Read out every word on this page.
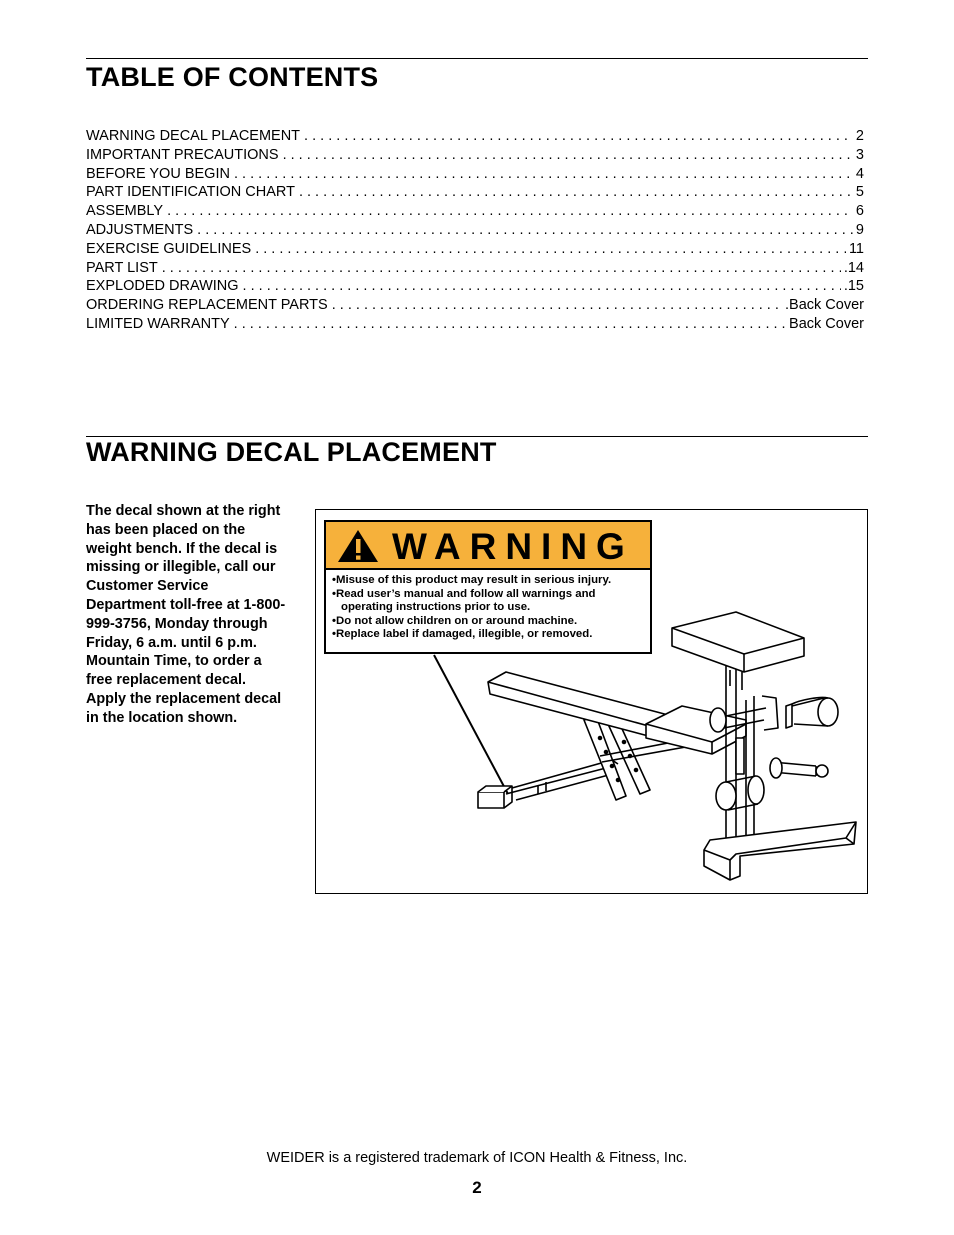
TABLE OF CONTENTS
WARNING DECAL PLACEMENT . . .	2
IMPORTANT PRECAUTIONS . . .	3
BEFORE YOU BEGIN . . .	4
PART IDENTIFICATION CHART . . .	5
ASSEMBLY . . .	6
ADJUSTMENTS . . .	9
EXERCISE GUIDELINES . . .	11
PART LIST . . .	.14
EXPLODED DRAWING . . .	.15
ORDERING REPLACEMENT PARTS . . .	.Back Cover
LIMITED WARRANTY . . .	Back Cover
WARNING DECAL PLACEMENT

The decal shown at the right has been placed on the weight bench. If the decal is missing or illegible, call our Customer Service Department toll-free at 1-800-999-3756, Monday through Friday, 6 a.m. until 6 p.m. Mountain Time, to order a free replacement decal. Apply the replacement decal in the location shown.

WARNING
• Misuse of this product may result in serious injury.
• Read user’s manual and follow all warnings and operating instructions prior to use.
• Do not allow children on or around machine.
• Replace label if damaged, illegible, or removed.
WEIDER is a registered trademark of ICON Health & Fitness, Inc.
2
